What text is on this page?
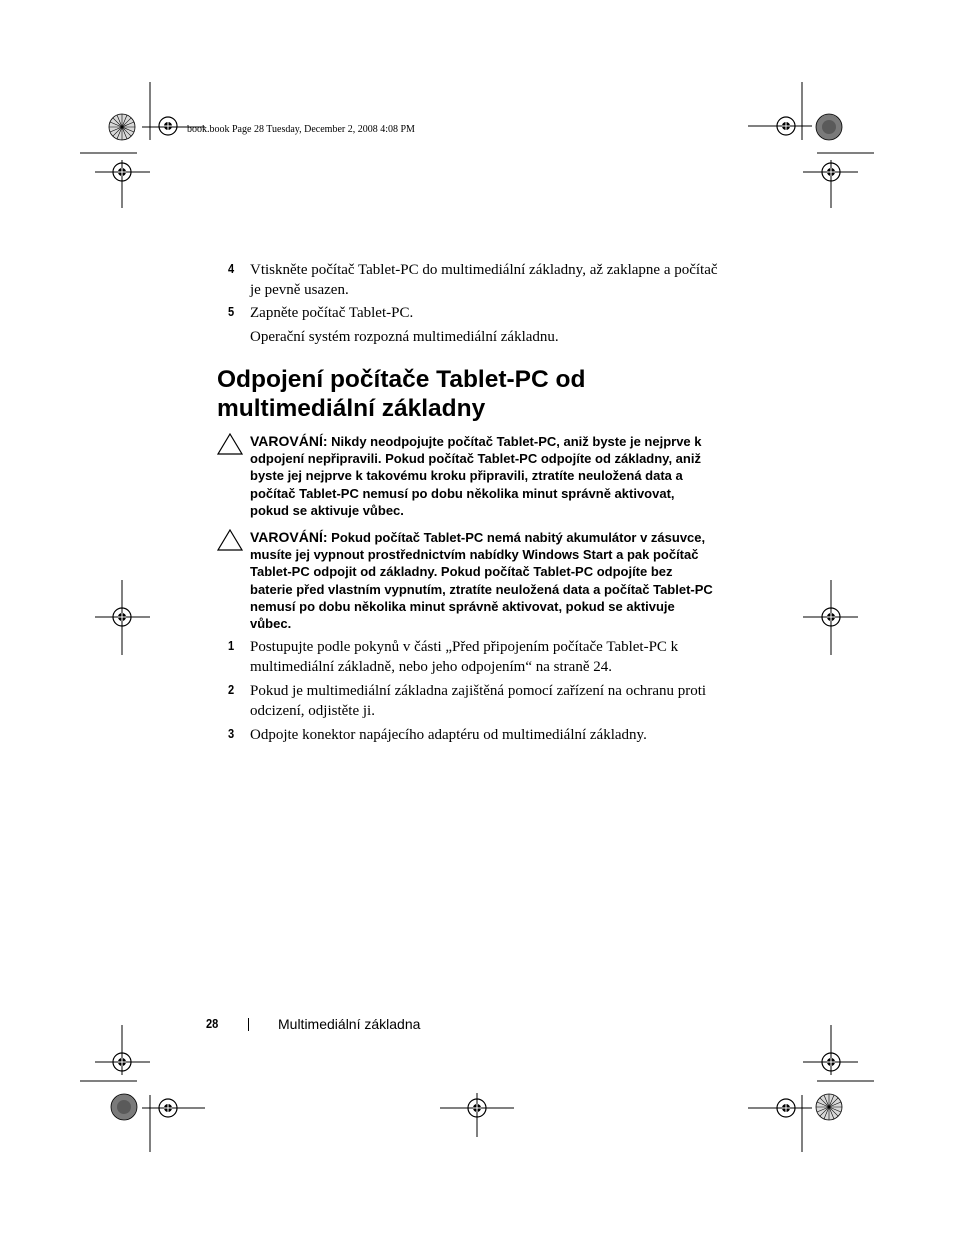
book.book Page 28 Tuesday, December 2, 2008 4:08 PM
4 Vtiskněte počítač Tablet-PC do multimediální základny, až zaklapne a počítač je pevně usazen.
5 Zapněte počítač Tablet-PC.
Operační systém rozpozná multimediální základnu.
Odpojení počítače Tablet-PC od
multimediální základny
VAROVÁNÍ: Nikdy neodpojujte počítač Tablet-PC, aniž byste je nejprve k odpojení nepřipravili. Pokud počítač Tablet-PC odpojíte od základny, aniž byste jej nejprve k takovému kroku připravili, ztratíte neuložená data a počítač Tablet-PC nemusí po dobu několika minut správně aktivovat, pokud se aktivuje vůbec.
VAROVÁNÍ: Pokud počítač Tablet-PC nemá nabitý akumulátor v zásuvce, musíte jej vypnout prostřednictvím nabídky Windows Start a pak počítač Tablet-PC odpojit od základny. Pokud počítač Tablet-PC odpojíte bez baterie před vlastním vypnutím, ztratíte neuložená data a počítač Tablet-PC nemusí po dobu několika minut správně aktivovat, pokud se aktivuje vůbec.
1 Postupujte podle pokynů v části „Před připojením počítače Tablet-PC k multimediální základně, nebo jeho odpojením“ na straně 24.
2 Pokud je multimediální základna zajištěná pomocí zařízení na ochranu proti odcizení, odjistěte ji.
3 Odpojte konektor napájecího adaptéru od multimediální základny.
28	Multimediální základna
